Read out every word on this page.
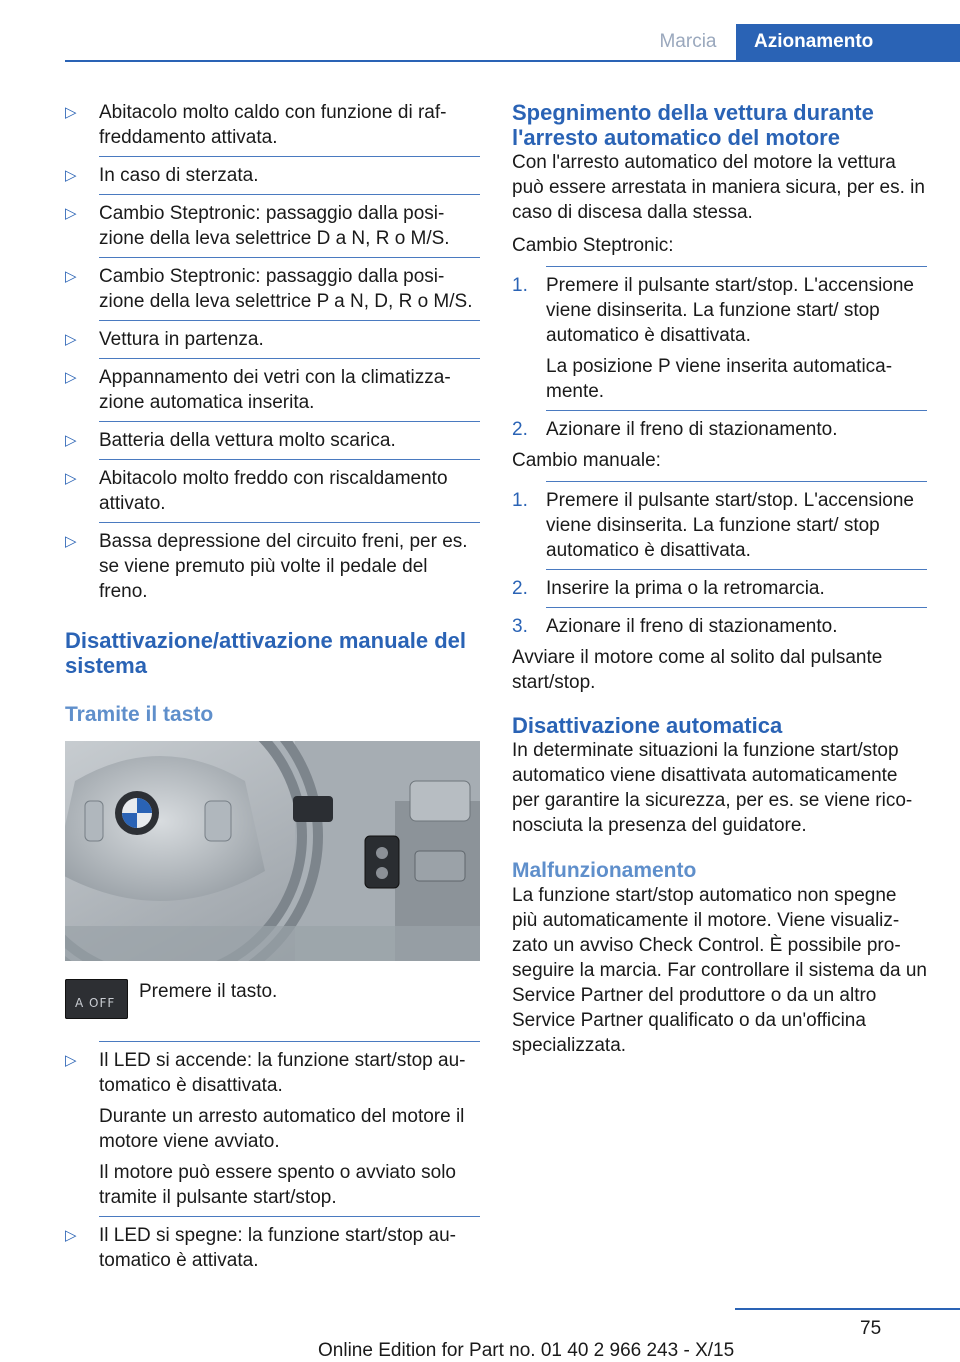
Marcia	Azionamento
▷ Abitacolo molto caldo con funzione di raffreddamento attivata.
▷ In caso di sterzata.
▷ Cambio Steptronic: passaggio dalla posizione della leva selettrice D a N, R o M/S.
▷ Cambio Steptronic: passaggio dalla posizione della leva selettrice P a N, D, R o M/S.
▷ Vettura in partenza.
▷ Appannamento dei vetri con la climatizzazione automatica inserita.
▷ Batteria della vettura molto scarica.
▷ Abitacolo molto freddo con riscaldamento attivato.
▷ Bassa depressione del circuito freni, per es. se viene premuto più volte il pedale del freno.
Disattivazione/attivazione manuale del sistema
Tramite il tasto
A OFF
Premere il tasto.
▷ Il LED si accende: la funzione start/stop automatico è disattivata.
Durante un arresto automatico del motore il motore viene avviato.
Il motore può essere spento o avviato solo tramite il pulsante start/stop.
▷ Il LED si spegne: la funzione start/stop automatico è attivata.
Spegnimento della vettura durante l'arresto automatico del motore

Con l'arresto automatico del motore la vettura può essere arrestata in maniera sicura, per es. in caso di discesa dalla stessa.

Cambio Steptronic:

1. Premere il pulsante start/stop. L'accensione viene disinserita. La funzione start/ stop automatico è disattivata.
La posizione P viene inserita automaticamente.
2. Azionare il freno di stazionamento.

Cambio manuale:

1. Premere il pulsante start/stop. L'accensione viene disinserita. La funzione start/ stop automatico è disattivata.
2. Inserire la prima o la retromarcia.
3. Azionare il freno di stazionamento.

Avviare il motore come al solito dal pulsante start/stop.

Disattivazione automatica

In determinate situazioni la funzione start/stop automatico viene disattivata automaticamente per garantire la sicurezza, per es. se viene riconosciuta la presenza del guidatore.

Malfunzionamento

La funzione start/stop automatico non spegne più automaticamente il motore. Viene visualizzato un avviso Check Control. È possibile proseguire la marcia. Far controllare il sistema da un Service Partner del produttore o da un altro Service Partner qualificato o da un'officina specializzata.

75
Online Edition for Part no. 01 40 2 966 243 - X/15
